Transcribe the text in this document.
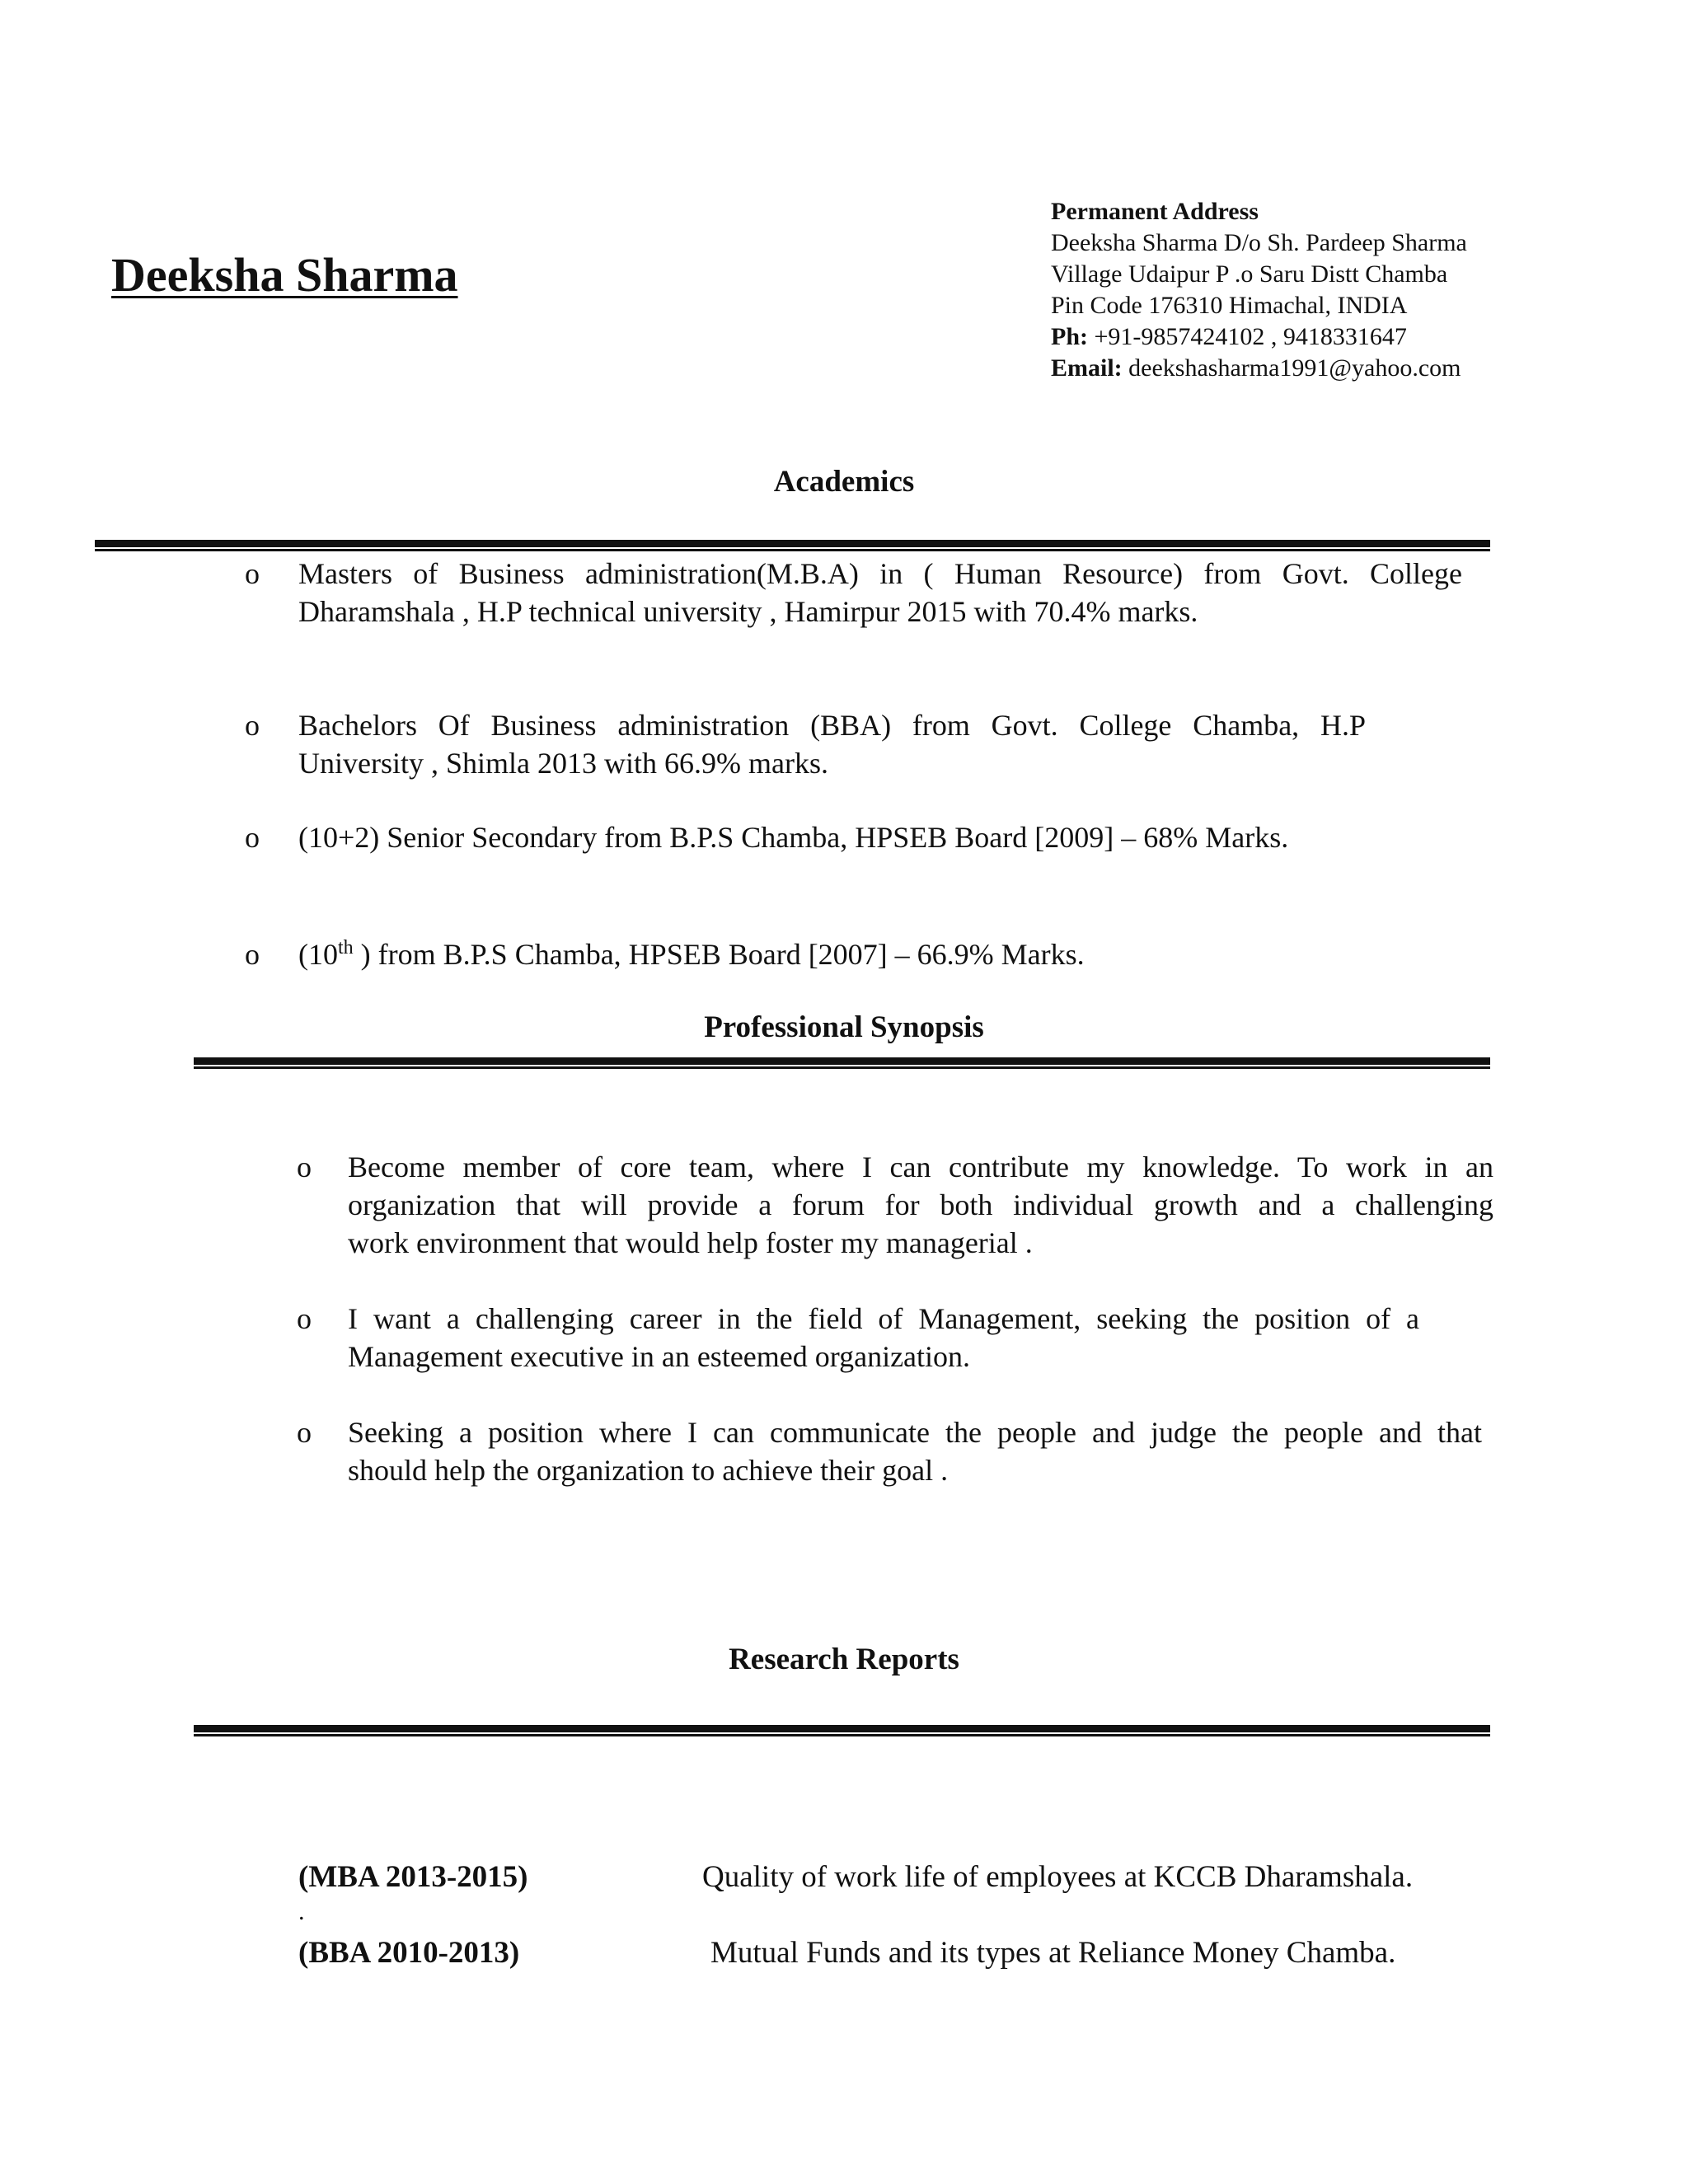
Deeksha Sharma
Permanent Address
Deeksha Sharma D/o Sh. Pardeep Sharma
Village Udaipur P .o Saru Distt Chamba
Pin Code 176310 Himachal, INDIA
Ph: +91-9857424102 , 9418331647
Email: deekshasharma1991@yahoo.com
Academics
o Masters of Business administration(M.B.A) in ( Human Resource) from Govt. College
Dharamshala , H.P technical university , Hamirpur 2015 with 70.4% marks.
o Bachelors Of Business administration (BBA) from Govt. College Chamba, H.P
University , Shimla 2013 with 66.9% marks.
o (10+2) Senior Secondary from B.P.S Chamba, HPSEB Board [2009] – 68% Marks.
o (10th ) from B.P.S Chamba, HPSEB Board [2007] – 66.9% Marks.
Professional Synopsis
o Become member of core team, where I can contribute my knowledge. To work in an
organization that will provide a forum for both individual growth and a challenging
work environment that would help foster my managerial .
o I want a challenging career in the field of Management, seeking the position of a
Management executive in an esteemed organization.
o Seeking a position where I can communicate the people and judge the people and that
should help the organization to achieve their goal .
Research Reports
(MBA 2013-2015)	Quality of work life of employees at KCCB Dharamshala.
.
(BBA 2010-2013)	Mutual Funds and its types at Reliance Money Chamba.
